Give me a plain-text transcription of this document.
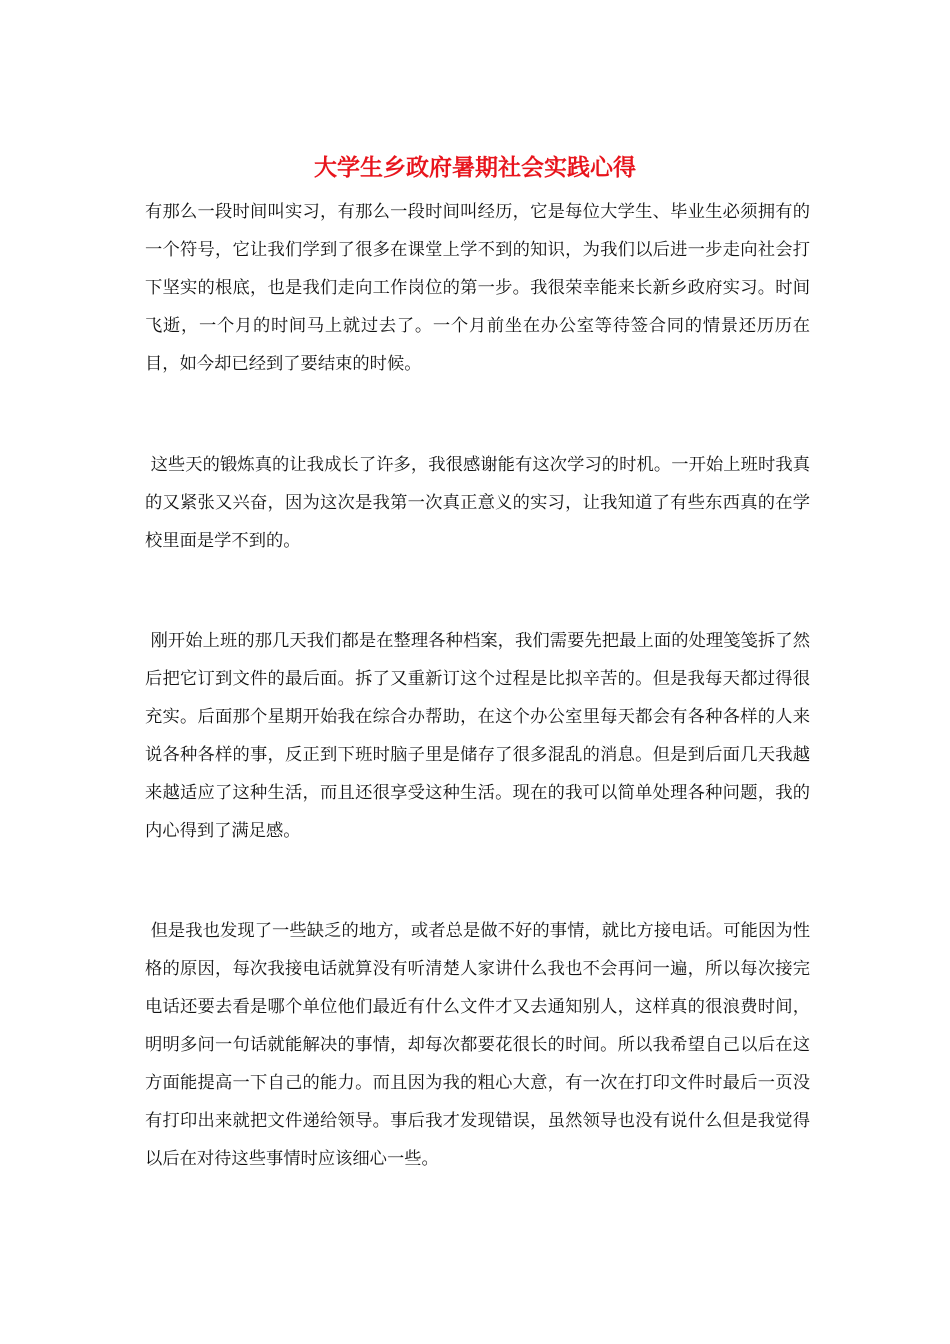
大学生乡政府暑期社会实践心得

有那么一段时间叫实习，有那么一段时间叫经历，它是每位大学生、毕业生必须拥有的一个符号，它让我们学到了很多在课堂上学不到的知识，为我们以后进一步走向社会打下坚实的根底，也是我们走向工作岗位的第一步。我很荣幸能来长新乡政府实习。时间飞逝，一个月的时间马上就过去了。一个月前坐在办公室等待签合同的情景还历历在目，如今却已经到了要结束的时候。

这些天的锻炼真的让我成长了许多，我很感谢能有这次学习的时机。一开始上班时我真的又紧张又兴奋，因为这次是我第一次真正意义的实习，让我知道了有些东西真的在学校里面是学不到的。

刚开始上班的那几天我们都是在整理各种档案，我们需要先把最上面的处理笺笺拆了然后把它订到文件的最后面。拆了又重新订这个过程是比拟辛苦的。但是我每天都过得很充实。后面那个星期开始我在综合办帮助，在这个办公室里每天都会有各种各样的人来说各种各样的事，反正到下班时脑子里是储存了很多混乱的消息。但是到后面几天我越来越适应了这种生活，而且还很享受这种生活。现在的我可以简单处理各种问题，我的内心得到了满足感。

但是我也发现了一些缺乏的地方，或者总是做不好的事情，就比方接电话。可能因为性格的原因，每次我接电话就算没有听清楚人家讲什么我也不会再问一遍，所以每次接完电话还要去看是哪个单位他们最近有什么文件才又去通知别人，这样真的很浪费时间，明明多问一句话就能解决的事情，却每次都要花很长的时间。所以我希望自己以后在这方面能提高一下自己的能力。而且因为我的粗心大意，有一次在打印文件时最后一页没有打印出来就把文件递给领导。事后我才发现错误，虽然领导也没有说什么但是我觉得以后在对待这些事情时应该细心一些。
